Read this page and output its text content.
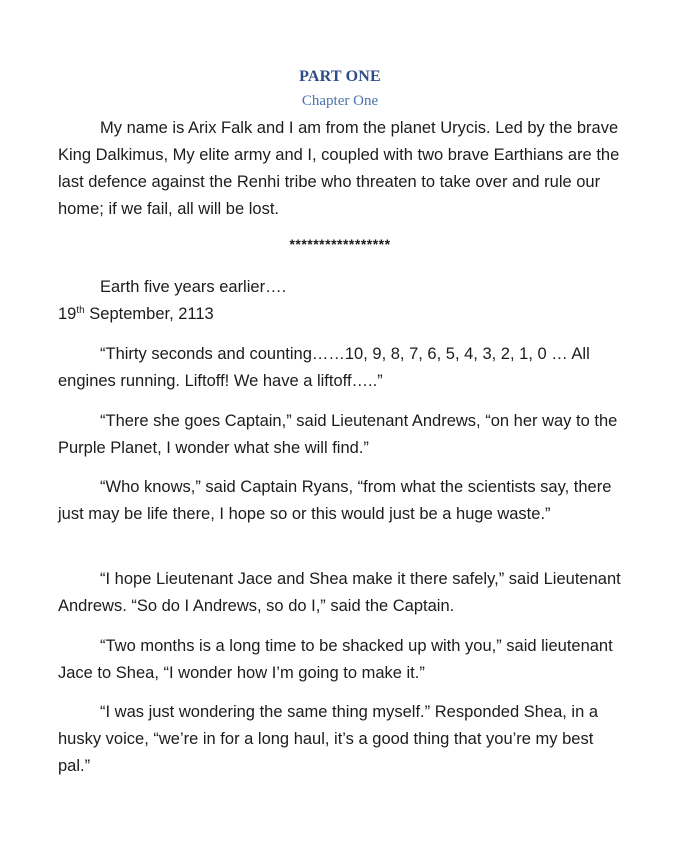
PART ONE
Chapter One

My name is Arix Falk and I am from the planet Urycis. Led by the brave King Dalkimus, My elite army and I, coupled with two brave Earthians are the last defence against the Renhi tribe who threaten to take over and rule our home; if we fail, all will be lost.

*****************

Earth five years earlier….

19th September, 2113

“Thirty seconds and counting……10, 9, 8, 7, 6, 5, 4, 3, 2, 1, 0 … All engines running. Liftoff! We have a liftoff…..”

“There she goes Captain,” said Lieutenant Andrews, “on her way to the Purple Planet, I wonder what she will find.”

“Who knows,” said Captain Ryans, “from what the scientists say, there just may be life there, I hope so or this would just be a huge waste.”

“I hope Lieutenant Jace and Shea make it there safely,” said Lieutenant Andrews. “So do I Andrews, so do I,” said the Captain.

“Two months is a long time to be shacked up with you,” said lieutenant Jace to Shea, “I wonder how I’m going to make it.”

“I was just wondering the same thing myself.” Responded Shea, in a husky voice, “we’re in for a long haul, it’s a good thing that you’re my best pal.”
